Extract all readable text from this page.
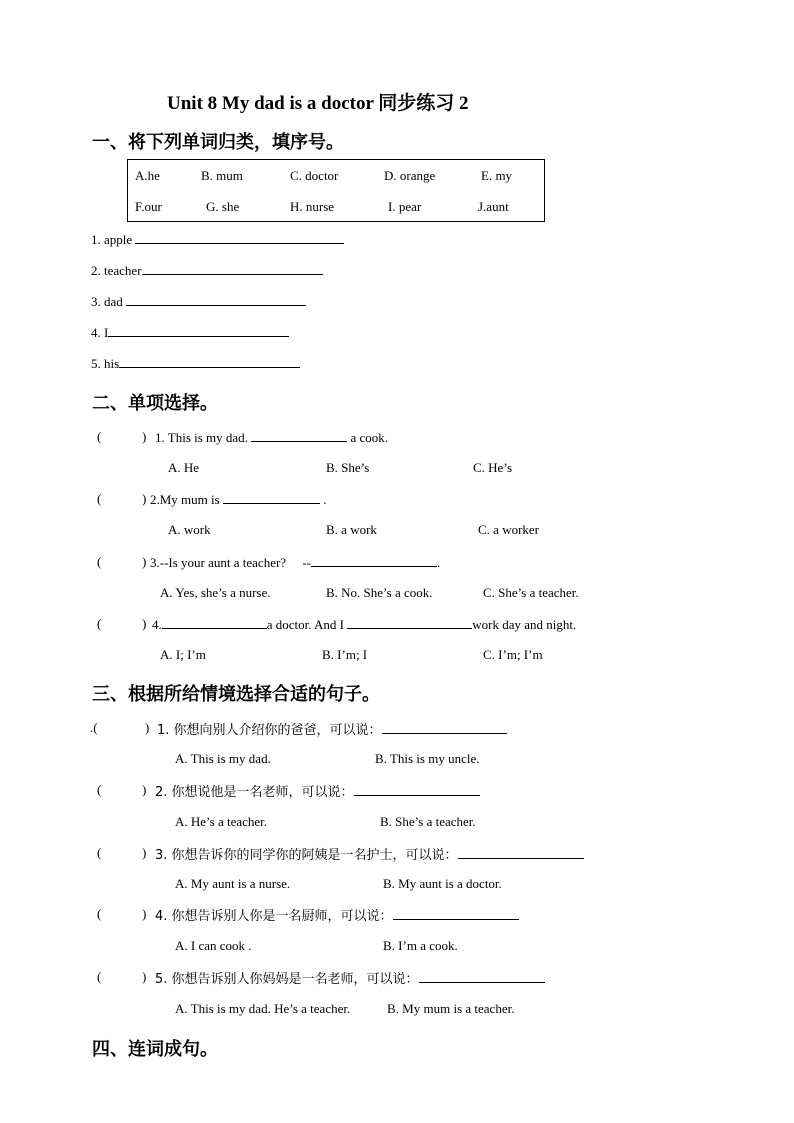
Unit 8 My dad is a doctor 同步练习 2
一、将下列单词归类，填序号。
A.he	B. mum	C. doctor	D. orange	E. my
F.our	G. she	H. nurse	I. pear	J.aunt
1. apple
2. teacher
3. dad
4. I
5. his
二、单项选择。
(	) 1. This is my dad.	a cook.
A. He	B. She’s	C. He’s
(	) 2.My mum is	.
A. work	B. a work	C. a worker
(	) 3.--Is your aunt a teacher?     --	.
A. Yes, she’s a nurse.	B. No. She’s a cook.	C. She’s a teacher.
(	) 4.	a doctor. And I	work day and night.
A. I; I’m	B. I’m; I	C. I’m; I’m
三、根据所给情境选择合适的句子。
.(	) 1. 你想向别人介绍你的爸爸，可以说：
A. This is my dad.	B. This is my uncle.
(	) 2. 你想说他是一名老师，可以说：
A. He’s a teacher.	B. She’s a teacher.
(	) 3. 你想告诉你的同学你的阿姨是一名护士，可以说：
A. My aunt is a nurse.	B. My aunt is a doctor.
(	) 4. 你想告诉别人你是一名厨师，可以说：
A. I can cook .	B. I’m a cook.
(	) 5. 你想告诉别人你妈妈是一名老师，可以说：
A. This is my dad. He’s a teacher.	B. My mum is a teacher.
四、连词成句。
